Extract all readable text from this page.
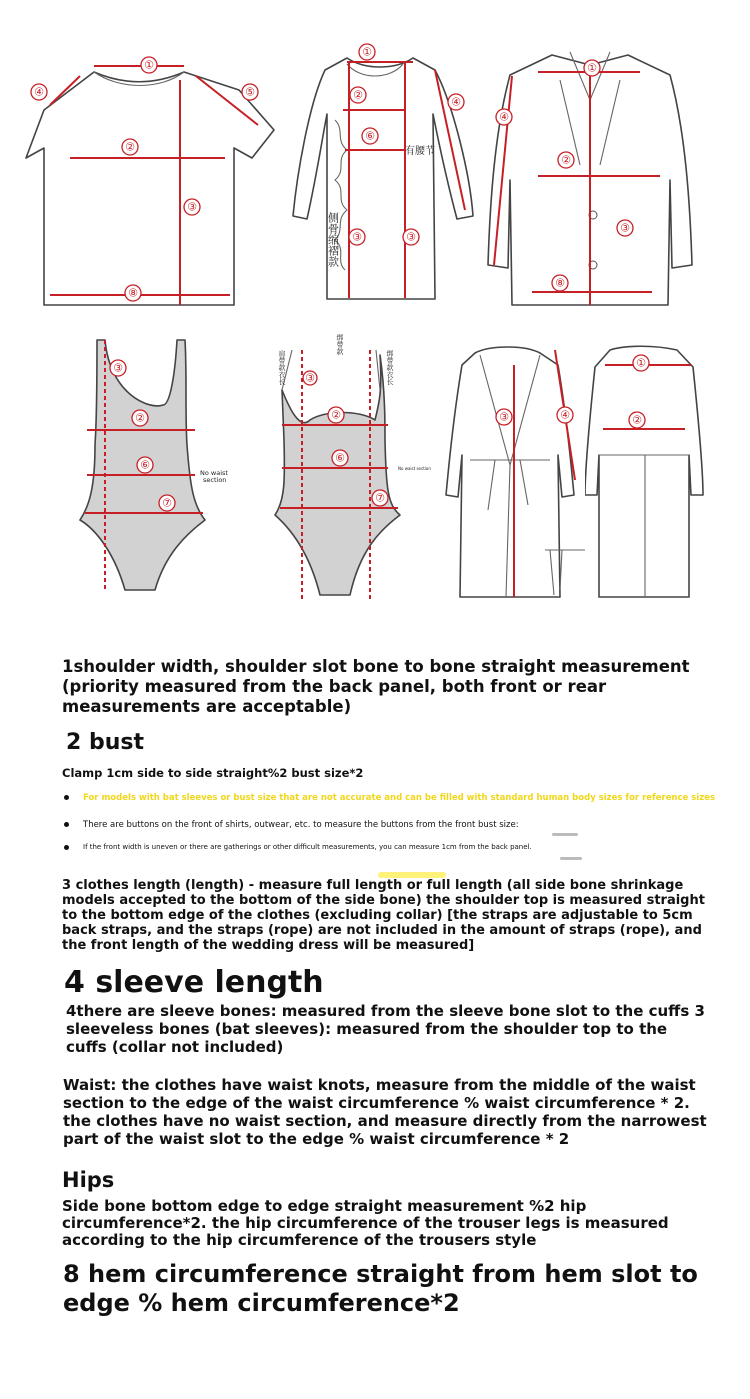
①
④	⑤
②
③
⑧
①
②
⑥
④
③	③
有腰节
侧骨缩褶款
①
④
②
③
⑧
③
②
⑥
⑦
No waist
section
③
②
⑥
⑦
肩带款衣长
绑带款
绑带款衣长
No waist section
③	④
①
②
1shoulder width, shoulder slot bone to bone straight measurement (priority measured from the back panel, both front or rear measurements are acceptable)
2 bust
Clamp 1cm side to side straight%2 bust size*2
For models with bat sleeves or bust size that are not accurate and can be filled with standard human body sizes for reference sizes
There are buttons on the front of shirts, outwear, etc. to measure the buttons from the front bust size:
If the front width is uneven or there are gatherings or other difficult measurements, you can measure 1cm from the back panel.
3 clothes length (length) - measure full length or full length (all side bone shrinkage models accepted to the bottom of the side bone) the shoulder top is measured straight to the bottom edge of the clothes (excluding collar) [the straps are adjustable to 5cm back straps, and the straps (rope) are not included in the amount of straps (rope), and the front length of the wedding dress will be measured]
4 sleeve length
4there are sleeve bones: measured from the sleeve bone slot to the cuffs 3 sleeveless bones (bat sleeves): measured from the shoulder top to the cuffs (collar not included)
Waist: the clothes have waist knots, measure from the middle of the waist section to the edge of the waist circumference % waist circumference * 2. the clothes have no waist section, and measure directly from the narrowest part of the waist slot to the edge % waist circumference * 2
Hips
Side bone bottom edge to edge straight measurement %2 hip circumference*2. the hip circumference of the trouser legs is measured according to the hip circumference of the trousers style
8 hem circumference straight from hem slot to edge % hem circumference*2
